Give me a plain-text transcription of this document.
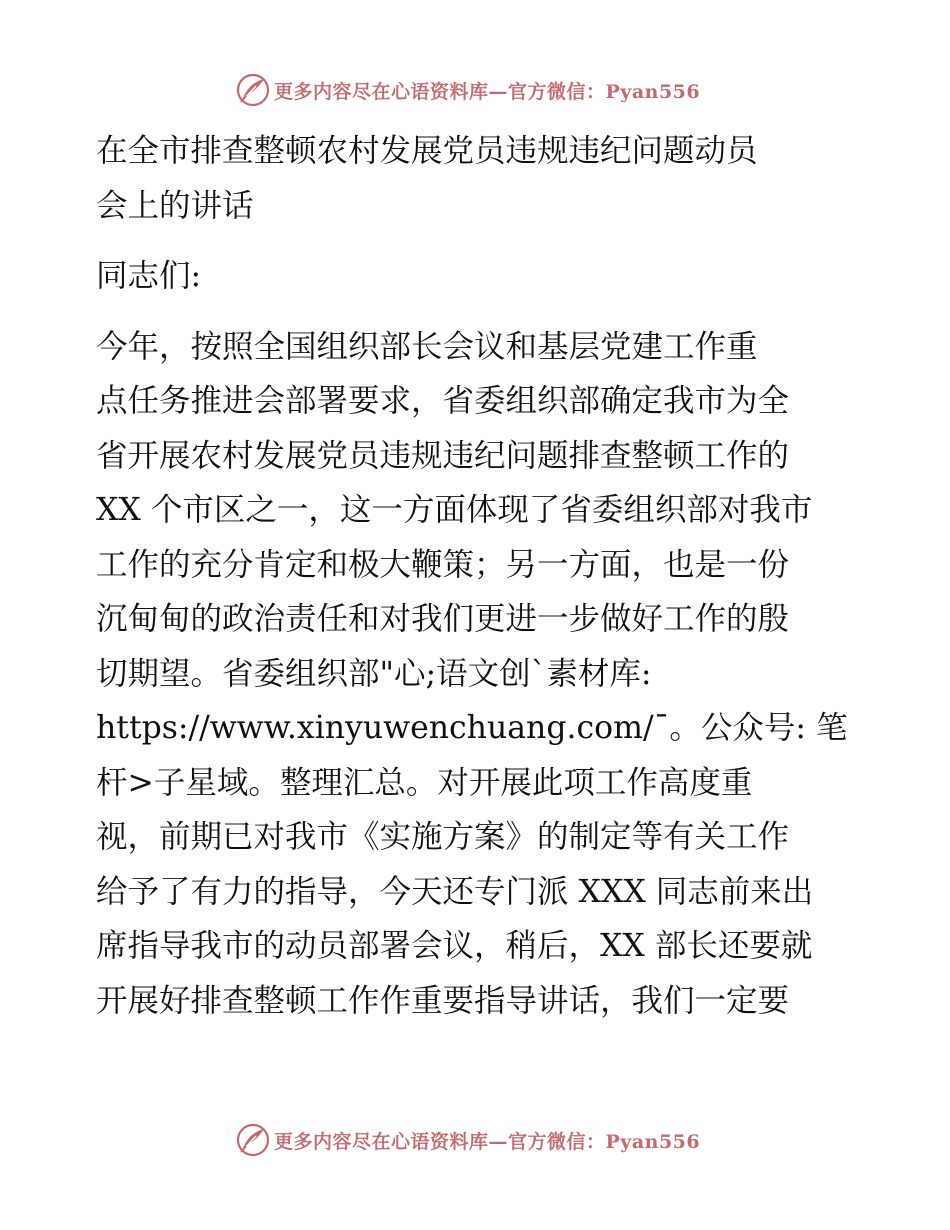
更多内容尽在心语资料库—官方微信：Pyan556
在全市排查整顿农村发展党员违规违纪问题动员
会上的讲话
同志们:
今年，按照全国组织部长会议和基层党建工作重
点任务推进会部署要求，省委组织部确定我市为全
省开展农村发展党员违规违纪问题排查整顿工作的
XX 个市区之一，这一方面体现了省委组织部对我市
工作的充分肯定和极大鞭策；另一方面，也是一份
沉甸甸的政治责任和对我们更进一步做好工作的殷
切期望。省委组织部"心;语文创`素材库:
https://www.xinyuwenchuang.com/¯。公众号: 笔
杆>子星域。整理汇总。对开展此项工作高度重
视，前期已对我市《实施方案》的制定等有关工作
给予了有力的指导，今天还专门派 XXX 同志前来出
席指导我市的动员部署会议，稍后，XX 部长还要就
开展好排查整顿工作作重要指导讲话，我们一定要
更多内容尽在心语资料库—官方微信：Pyan556
